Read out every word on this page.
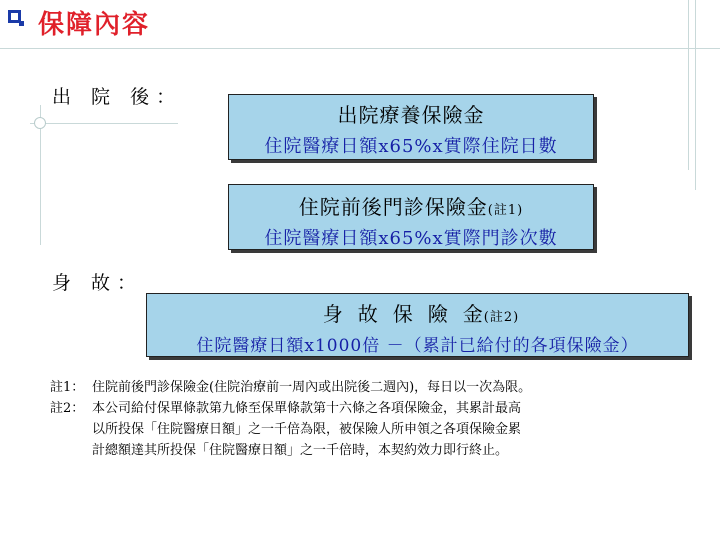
保障內容
出 院 後：
出院療養保險金
住院醫療日額x65%x實際住院日數
住院前後門診保險金(註1)
住院醫療日額x65%x實際門診次數
身 故：
身 故 保 險 金(註2)
住院醫療日額x1000倍 －（累計已給付的各項保險金）
註1： 住院前後門診保險金(住院治療前一周內或出院後二週內)，每日以一次為限。
註2： 本公司給付保單條款第九條至保單條款第十六條之各項保險金，其累計最高
以所投保「住院醫療日額」之一千倍為限，被保險人所申領之各項保險金累
計總額達其所投保「住院醫療日額」之一千倍時，本契約效力即行終止。
